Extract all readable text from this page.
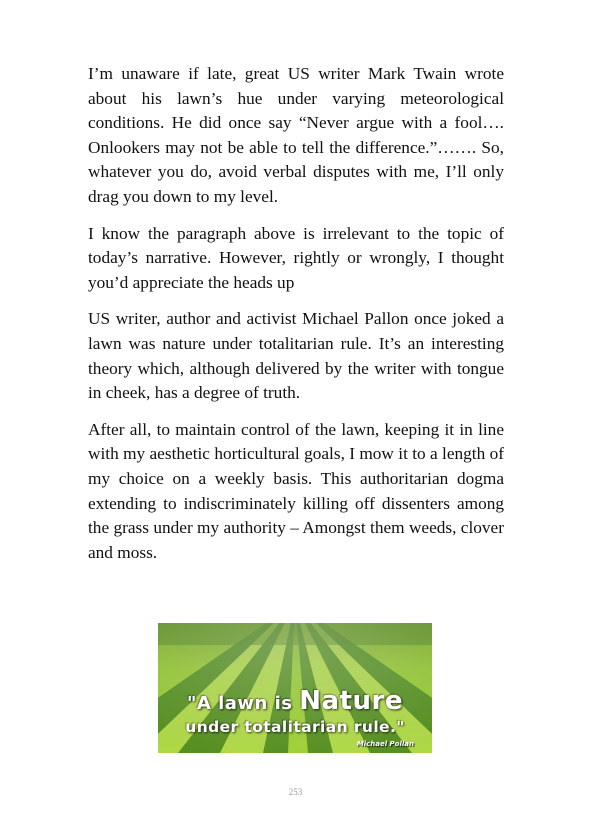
I’m unaware if late, great US writer Mark Twain wrote about his lawn’s hue under varying meteorological conditions. He did once say “Never argue with a fool…. Onlookers may not be able to tell the difference.”……. So, whatever you do, avoid verbal disputes with me, I’ll only drag you down to my level.

I know the paragraph above is irrelevant to the topic of today’s narrative. However, rightly or wrongly, I thought you’d appreciate the heads up

US writer, author and activist Michael Pallon once joked a lawn was nature under totalitarian rule. It’s an interesting theory which, although delivered by the writer with tongue in cheek, has a degree of truth.

After all, to maintain control of the lawn, keeping it in line with my aesthetic horticultural goals, I mow it to a length of my choice on a weekly basis. This authoritarian dogma extending to indiscriminately killing off dissenters among the grass under my authority – Amongst them weeds, clover and moss.

"A lawn is Nature
under totalitarian rule."
Michael Pollan
253
